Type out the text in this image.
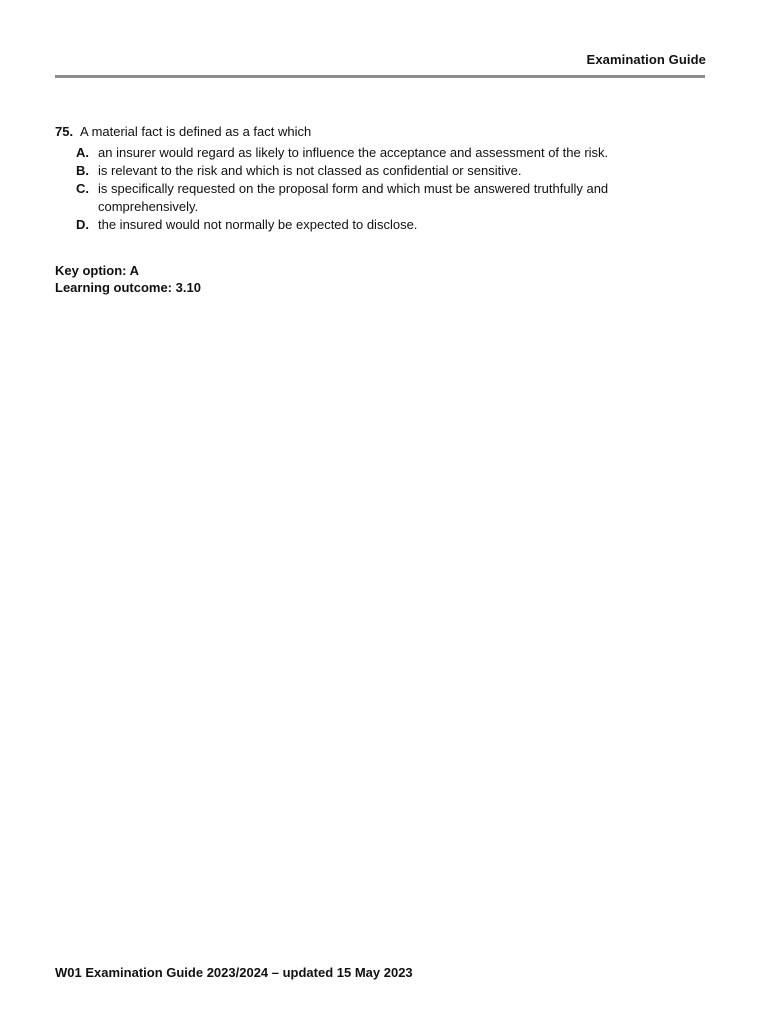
Examination Guide
75. A material fact is defined as a fact which
A. an insurer would regard as likely to influence the acceptance and assessment of the risk.
B. is relevant to the risk and which is not classed as confidential or sensitive.
C. is specifically requested on the proposal form and which must be answered truthfully and comprehensively.
D. the insured would not normally be expected to disclose.
Key option: A
Learning outcome: 3.10
W01 Examination Guide 2023/2024 – updated 15 May 2023
